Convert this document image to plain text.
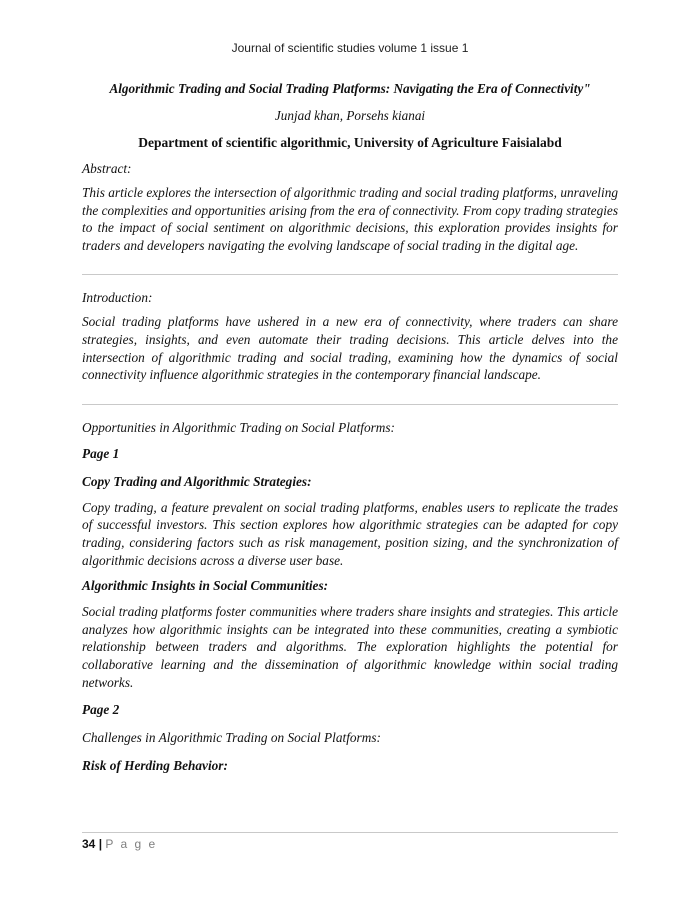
Journal of scientific studies volume 1 issue 1

Algorithmic Trading and Social Trading Platforms: Navigating the Era of Connectivity"

Junjad khan, Porsehs kianai

Department of scientific algorithmic, University of Agriculture Faisialabd

Abstract:

This article explores the intersection of algorithmic trading and social trading platforms, unraveling the complexities and opportunities arising from the era of connectivity. From copy trading strategies to the impact of social sentiment on algorithmic decisions, this exploration provides insights for traders and developers navigating the evolving landscape of social trading in the digital age.

Introduction:

Social trading platforms have ushered in a new era of connectivity, where traders can share strategies, insights, and even automate their trading decisions. This article delves into the intersection of algorithmic trading and social trading, examining how the dynamics of social connectivity influence algorithmic strategies in the contemporary financial landscape.

Opportunities in Algorithmic Trading on Social Platforms:

Page 1

Copy Trading and Algorithmic Strategies:

Copy trading, a feature prevalent on social trading platforms, enables users to replicate the trades of successful investors. This section explores how algorithmic strategies can be adapted for copy trading, considering factors such as risk management, position sizing, and the synchronization of algorithmic decisions across a diverse user base.

Algorithmic Insights in Social Communities:

Social trading platforms foster communities where traders share insights and strategies. This article analyzes how algorithmic insights can be integrated into these communities, creating a symbiotic relationship between traders and algorithms. The exploration highlights the potential for collaborative learning and the dissemination of algorithmic knowledge within social trading networks.

Page 2

Challenges in Algorithmic Trading on Social Platforms:

Risk of Herding Behavior:

34 | P a g e
